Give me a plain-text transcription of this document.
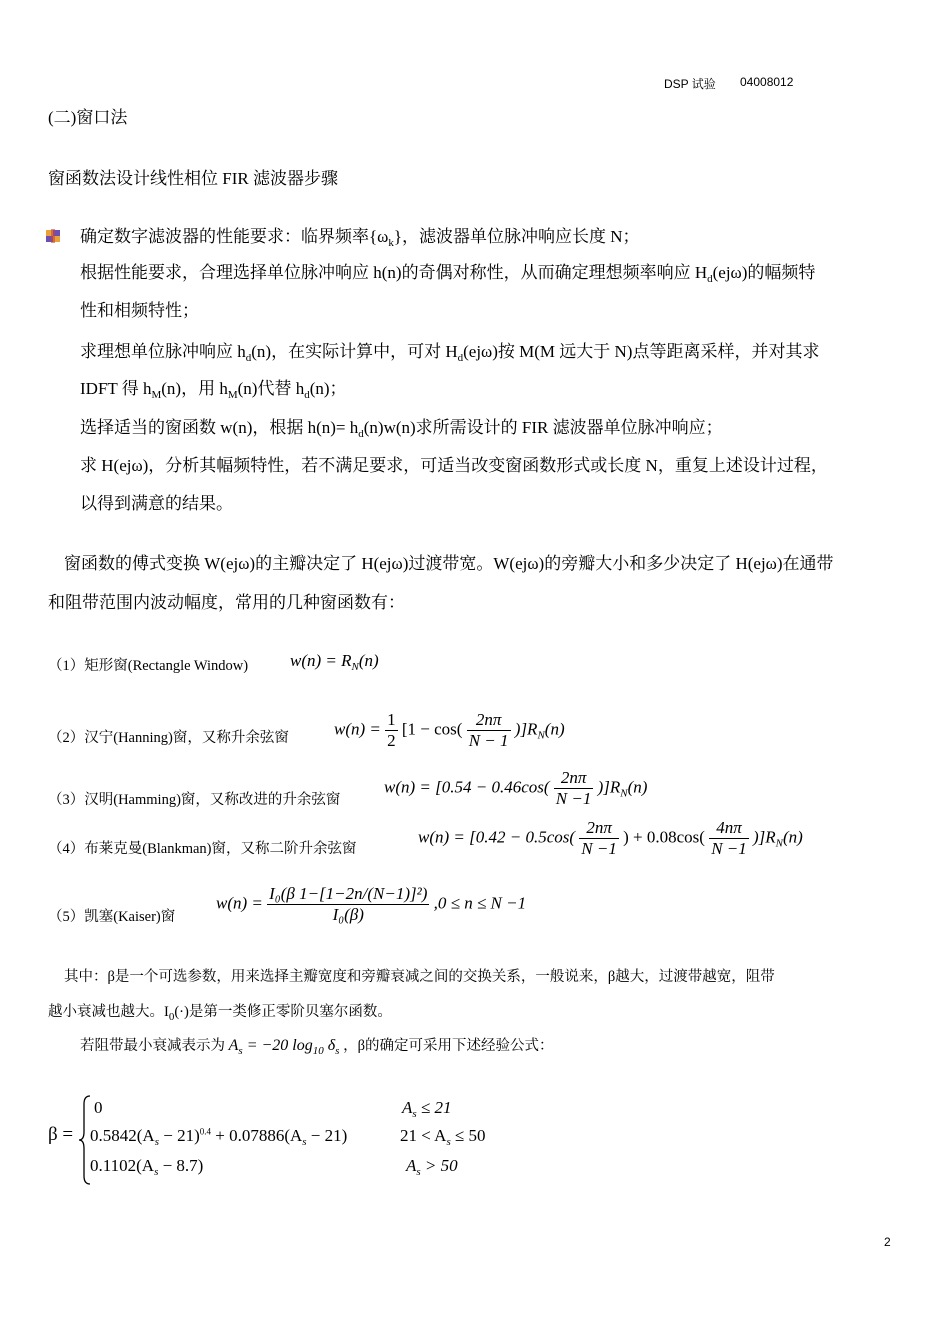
DSP 试验 04008012
(二)窗口法
窗函数法设计线性相位 FIR 滤波器步骤
确定数字滤波器的性能要求：临界频率$\{\omega_k\}$，滤波器单位脉冲响应长度 N；
根据性能要求，合理选择单位脉冲响应 h(n)的奇偶对称性，从而确定理想频率响应 $H_d(ej\omega)$的幅频特
性和相频特性；
求理想单位脉冲响应 $h_d(n)$，在实际计算中，可对 $H_d(ej\omega)$按 M(M 远大于 N)点等距离采样，并对其求
IDFT 得 $h_M(n)$，用 $h_M(n)$代替 $h_d(n)$；
选择适当的窗函数 w(n)，根据 $h(n)= h_d(n)w(n)$求所需设计的 FIR 滤波器单位脉冲响应；
求 H(ejω)，分析其幅频特性，若不满足要求，可适当改变窗函数形式或长度 N，重复上述设计过程，
以得到满意的结果。
窗函数的傅式变换 W(ejω)的主瓣决定了 H(ejω)过渡带宽。W(ejω)的旁瓣大小和多少决定了 H(ejω)在通带
和阻带范围内波动幅度，常用的几种窗函数有：
（1）矩形窗(Rectangle Window) $w(n) = R_N(n)$
（2）汉宁(Hanning)窗，又称升余弦窗	$w(n) = \frac{1}{2} [1 - \cos( \frac{2n\pi}{N - 1} )]R_N(n)$
（3）汉明(Hamming)窗，又称改进的升余弦窗
$w(n) = [0.54 - 0.46\cos( \frac{2n\pi}{N -1} )]R_N(n)$
（4）布莱克曼(Blankman)窗，又称二阶升余弦窗
$w(n) = [0.42 - 0.5\cos( \frac{2n\pi}{N -1}$ ) + $0.08\cos( \frac{4n\pi}{N -1} )]R_N(n)$
（5）凯塞(Kaiser)窗
$w(n) = \frac{\text{I₀(β 1−[1−2n/(N−1)]²)}}{\text{I₀(β)}} ,0 \le n \le N -1$
其中：β是一个可选参数，用来选择主瓣宽度和旁瓣衰减之间的交换关系，一般说来，β越大，过渡带越宽，阻带
越小衰减也越大。$I_0(\cdot)$是第一类修正零阶贝塞尔函数。
若阻带最小衰减表示为 $A_s = -20$ $\log_{10} \delta_s$ ，β的确定可采用下述经验公式：
β =
0	$A_s \le 21$
$0.5842(A_s - 21)^{0.4} + 0.07886(A_s - 21)$	$21 < A_s \le 50$
$0.1102(A_s - 8.7)$	$A_s > 50$
2
